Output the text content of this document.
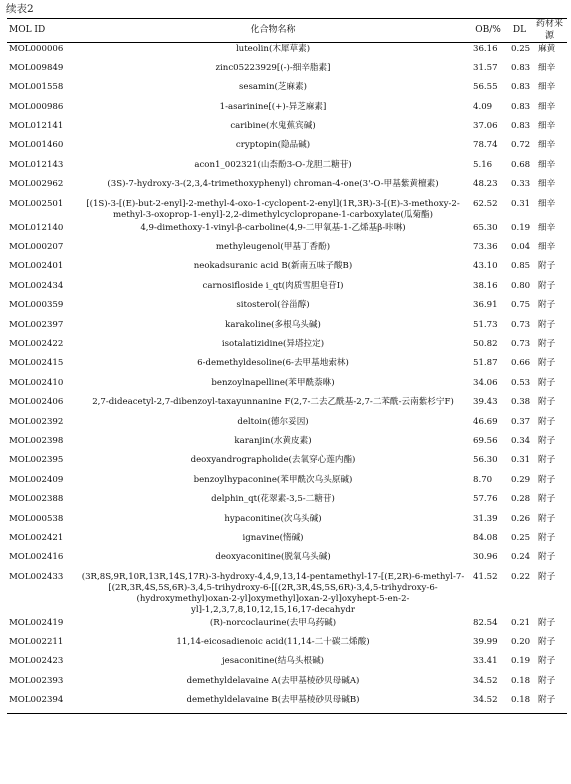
续表2
MOL ID	化合物名称	OB/%	DL	药材来源
MOL000006	luteolin(木犀草素)	36.16	0.25	麻黄
MOL009849	zinc05223929[(-)-细辛脂素]	31.57	0.83	细辛
MOL001558	sesamin(芝麻素)	56.55	0.83	细辛
MOL000986	1-asarinine[(+)-异芝麻素]	4.09	0.83	细辛
MOL012141	caribine(水鬼蕉宾碱)	37.06	0.83	细辛
MOL001460	cryptopin(隐品碱)	78.74	0.72	细辛
MOL012143	acon1_002321(山柰酚3-O-龙胆二糖苷)	5.16	0.68	细辛
MOL002962	(3S)-7-hydroxy-3-(2,3,4-trimethoxyphenyl) chroman-4-one(3'-O-甲基紫黄檀素)	48.23	0.33	细辛
MOL002501	[(1S)-3-[(E)-but-2-enyl]-2-methyl-4-oxo-1-cyclopent-2-enyl](1R,3R)-3-[(E)-3-methoxy-2-methyl-3-oxoprop-1-enyl]-2,2-dimethylcyclopropane-1-carboxylate(瓜菊酯)	62.52	0.31	细辛
MOL012140	4,9-dimethoxy-1-vinyl-β-carboline(4,9-二甲氧基-1-乙烯基β-咔啉)	65.30	0.19	细辛
MOL000207	methyleugenol(甲基丁香酚)	73.36	0.04	细辛
MOL002401	neokadsuranic acid B(新南五味子酸B)	43.10	0.85	附子
MOL002434	carnosifloside i_qt(肉质雪胆皂苷I)	38.16	0.80	附子
MOL000359	sitosterol(谷甾醇)	36.91	0.75	附子
MOL002397	karakoline(多根乌头碱)	51.73	0.73	附子
MOL002422	isotalatizidine(异塔拉定)	50.82	0.73	附子
MOL002415	6-demethyldesoline(6-去甲基地索林)	51.87	0.66	附子
MOL002410	benzoylnapelline(苯甲酰萘咻)	34.06	0.53	附子
MOL002406	2,7-dideacetyl-2,7-dibenzoyl-taxayunnanine F(2,7-二去乙酰基-2,7-二苯酰-云南紫杉宁F)	39.43	0.38	附子
MOL002392	deltoin(德尔妥因)	46.69	0.37	附子
MOL002398	karanjin(水黄皮素)	69.56	0.34	附子
MOL002395	deoxyandrographolide(去氧穿心莲内酯)	56.30	0.31	附子
MOL002409	benzoylhypaconine(苯甲酰次乌头原碱)	8.70	0.29	附子
MOL002388	delphin_qt(花翠素-3,5-二糖苷)	57.76	0.28	附子
MOL000538	hypaconitine(次乌头碱)	31.39	0.26	附子
MOL002421	ignavine(惰碱)	84.08	0.25	附子
MOL002416	deoxyaconitine(脱氧乌头碱)	30.96	0.24	附子
MOL002433	(3R,8S,9R,10R,13R,14S,17R)-3-hydroxy-4,4,9,13,14-pentamethyl-17-[(E,2R)-6-methyl-7-[(2R,3R,4S,5S,6R)-3,4,5-trihydroxy-6-[[(2R,3R,4S,5S,6R)-3,4,5-trihydroxy-6-(hydroxymethyl)oxan-2-yl]oxymethyl]oxan-2-yl]oxyhept-5-en-2-yl]-1,2,3,7,8,10,12,15,16,17-decahydr	41.52	0.22	附子
MOL002419	(R)-norcoclaurine(去甲乌药碱)	82.54	0.21	附子
MOL002211	11,14-eicosadienoic acid(11,14-二十碳二烯酸)	39.99	0.20	附子
MOL002423	jesaconitine(结乌头根碱)	33.41	0.19	附子
MOL002393	demethyldelavaine A(去甲基棱砂贝母碱A)	34.52	0.18	附子
MOL002394	demethyldelavaine B(去甲基棱砂贝母碱B)	34.52	0.18	附子
